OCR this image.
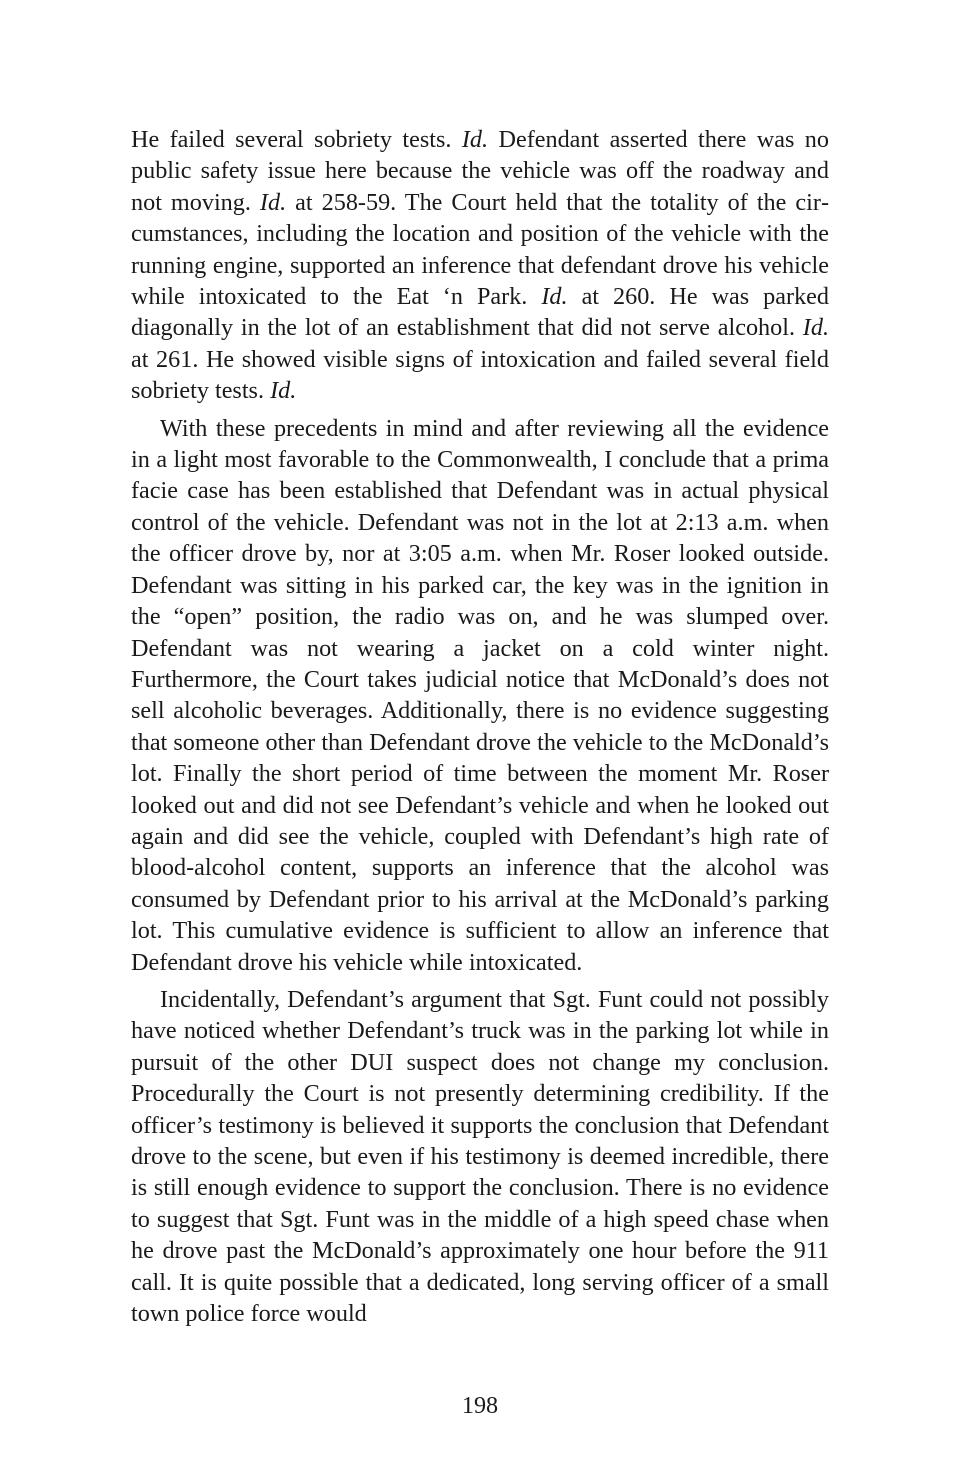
He failed several sobriety tests. Id. Defendant asserted there was no public safety issue here because the vehicle was off the roadway and not moving. Id. at 258-59. The Court held that the totality of the circumstances, including the location and position of the vehicle with the running engine, supported an inference that defendant drove his vehicle while intoxicated to the Eat ‘n Park. Id. at 260. He was parked diagonally in the lot of an establishment that did not serve alcohol. Id. at 261. He showed visible signs of intoxication and failed several field sobriety tests. Id.

With these precedents in mind and after reviewing all the evidence in a light most favorable to the Commonwealth, I conclude that a prima facie case has been established that Defendant was in actual physical control of the vehicle. Defendant was not in the lot at 2:13 a.m. when the officer drove by, nor at 3:05 a.m. when Mr. Roser looked outside. Defendant was sitting in his parked car, the key was in the ignition in the “open” position, the radio was on, and he was slumped over. Defendant was not wearing a jacket on a cold winter night. Furthermore, the Court takes judicial notice that McDonald’s does not sell alcoholic beverages. Additionally, there is no evidence suggesting that someone other than Defendant drove the vehicle to the McDonald’s lot. Finally the short period of time between the moment Mr. Roser looked out and did not see Defendant’s vehicle and when he looked out again and did see the vehicle, coupled with Defendant’s high rate of blood-alcohol content, supports an inference that the alcohol was consumed by Defendant prior to his arrival at the McDonald’s parking lot. This cumulative evidence is sufficient to allow an inference that Defendant drove his vehicle while intoxicated.

Incidentally, Defendant’s argument that Sgt. Funt could not possibly have noticed whether Defendant’s truck was in the parking lot while in pursuit of the other DUI suspect does not change my conclusion. Procedurally the Court is not presently determining credibility. If the officer’s testimony is believed it supports the conclusion that Defendant drove to the scene, but even if his testimony is deemed incredible, there is still enough evidence to support the conclusion. There is no evidence to suggest that Sgt. Funt was in the middle of a high speed chase when he drove past the McDonald’s approximately one hour before the 911 call. It is quite possible that a dedicated, long serving officer of a small town police force would

198
